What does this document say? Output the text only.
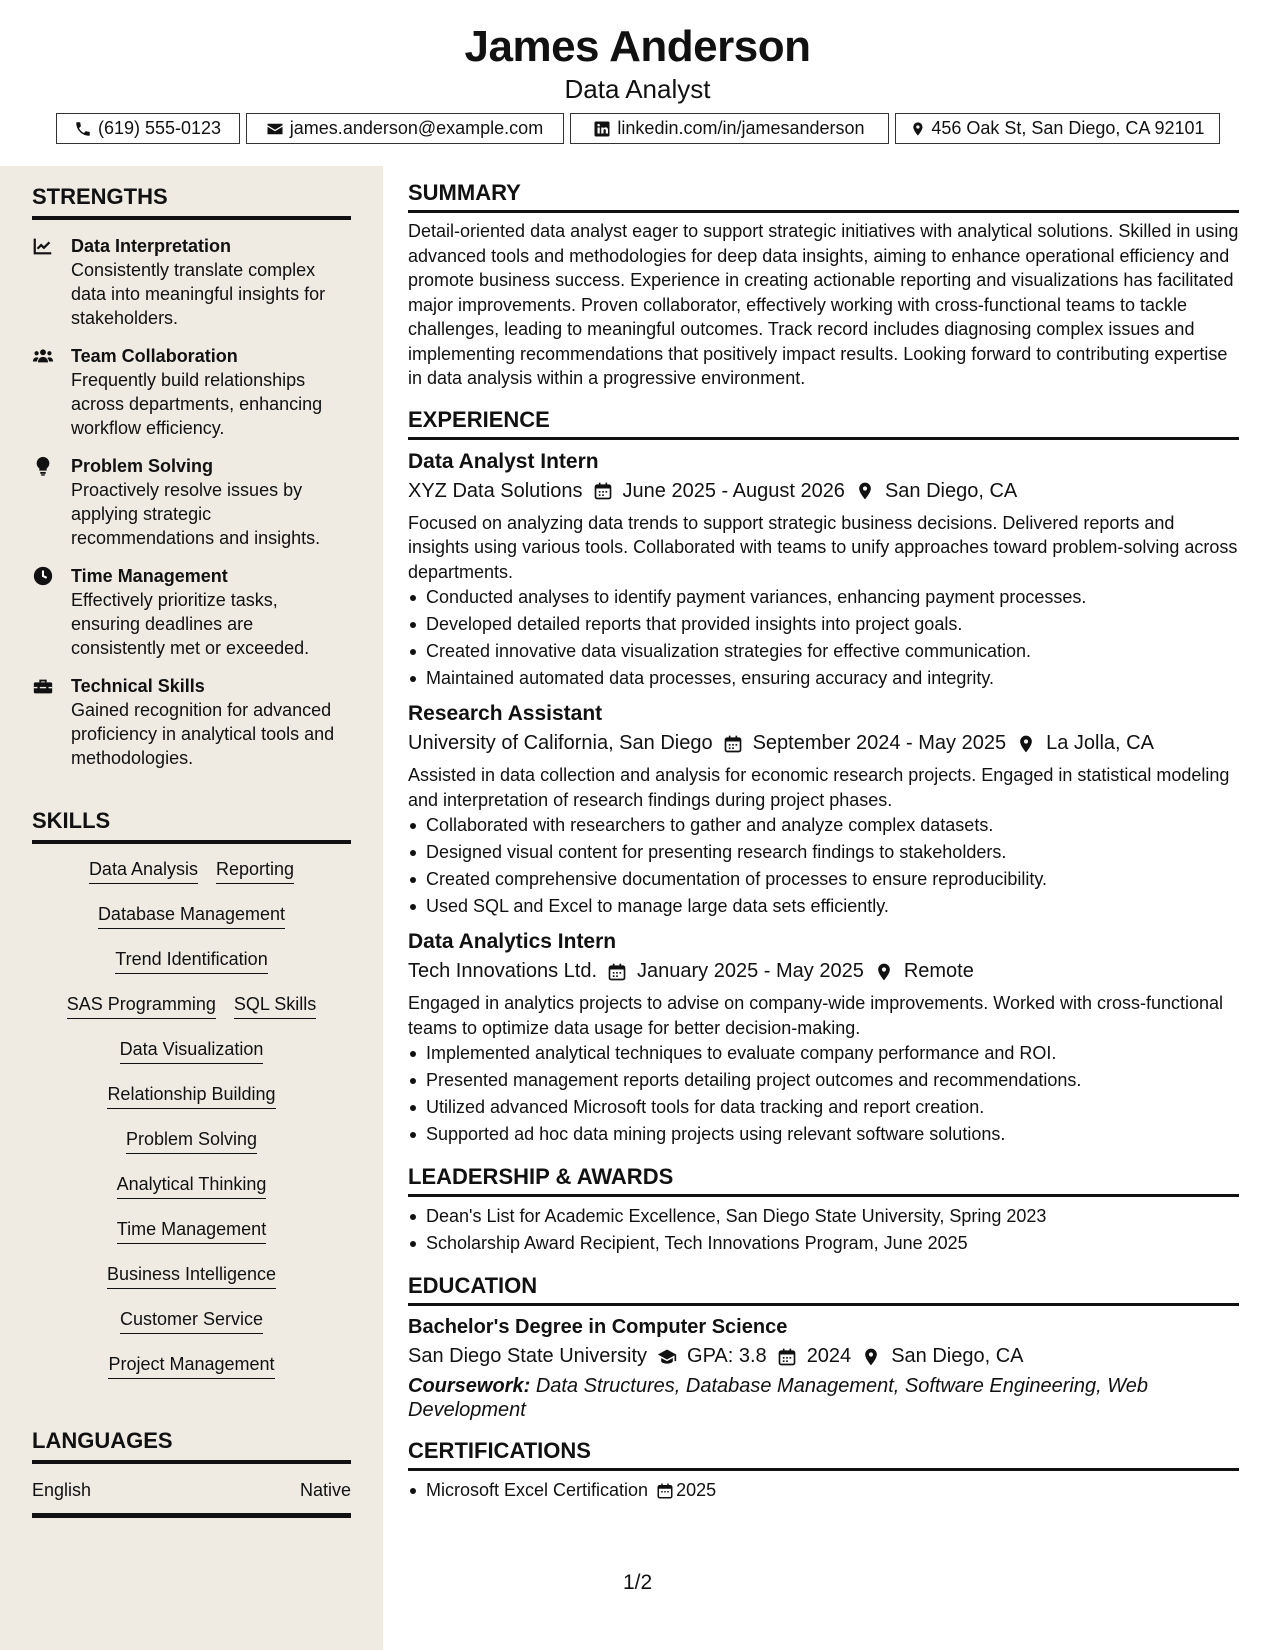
James Anderson
Data Analyst
(619) 555-0123	james.anderson@example.com	linkedin.com/in/jamesanderson	456 Oak St, San Diego, CA 92101
STRENGTHS
Data Interpretation
Consistently translate complex data into meaningful insights for stakeholders.
Team Collaboration
Frequently build relationships across departments, enhancing workflow efficiency.
Problem Solving
Proactively resolve issues by applying strategic recommendations and insights.
Time Management
Effectively prioritize tasks, ensuring deadlines are consistently met or exceeded.
Technical Skills
Gained recognition for advanced proficiency in analytical tools and methodologies.
SKILLS
Data Analysis Reporting
Database Management
Trend Identification
SAS Programming SQL Skills
Data Visualization
Relationship Building
Problem Solving
Analytical Thinking
Time Management
Business Intelligence
Customer Service
Project Management
LANGUAGES
English	Native
SUMMARY
Detail-oriented data analyst eager to support strategic initiatives with analytical solutions. Skilled in using advanced tools and methodologies for deep data insights, aiming to enhance operational efficiency and promote business success. Experience in creating actionable reporting and visualizations has facilitated major improvements. Proven collaborator, effectively working with cross-functional teams to tackle challenges, leading to meaningful outcomes. Track record includes diagnosing complex issues and implementing recommendations that positively impact results. Looking forward to contributing expertise in data analysis within a progressive environment.
EXPERIENCE
Data Analyst Intern
XYZ Data Solutions June 2025 - August 2026 San Diego, CA
Focused on analyzing data trends to support strategic business decisions. Delivered reports and insights using various tools. Collaborated with teams to unify approaches toward problem-solving across departments.
Conducted analyses to identify payment variances, enhancing payment processes.
Developed detailed reports that provided insights into project goals.
Created innovative data visualization strategies for effective communication.
Maintained automated data processes, ensuring accuracy and integrity.
Research Assistant
University of California, San Diego September 2024 - May 2025 La Jolla, CA
Assisted in data collection and analysis for economic research projects. Engaged in statistical modeling and interpretation of research findings during project phases.
Collaborated with researchers to gather and analyze complex datasets.
Designed visual content for presenting research findings to stakeholders.
Created comprehensive documentation of processes to ensure reproducibility.
Used SQL and Excel to manage large data sets efficiently.
Data Analytics Intern
Tech Innovations Ltd. January 2025 - May 2025 Remote
Engaged in analytics projects to advise on company-wide improvements. Worked with cross-functional teams to optimize data usage for better decision-making.
Implemented analytical techniques to evaluate company performance and ROI.
Presented management reports detailing project outcomes and recommendations.
Utilized advanced Microsoft tools for data tracking and report creation.
Supported ad hoc data mining projects using relevant software solutions.
LEADERSHIP & AWARDS
Dean's List for Academic Excellence, San Diego State University, Spring 2023
Scholarship Award Recipient, Tech Innovations Program, June 2025
EDUCATION
Bachelor's Degree in Computer Science
San Diego State University GPA: 3.8 2024 San Diego, CA
Coursework: Data Structures, Database Management, Software Engineering, Web Development
CERTIFICATIONS
Microsoft Excel Certification 2025
1/2
